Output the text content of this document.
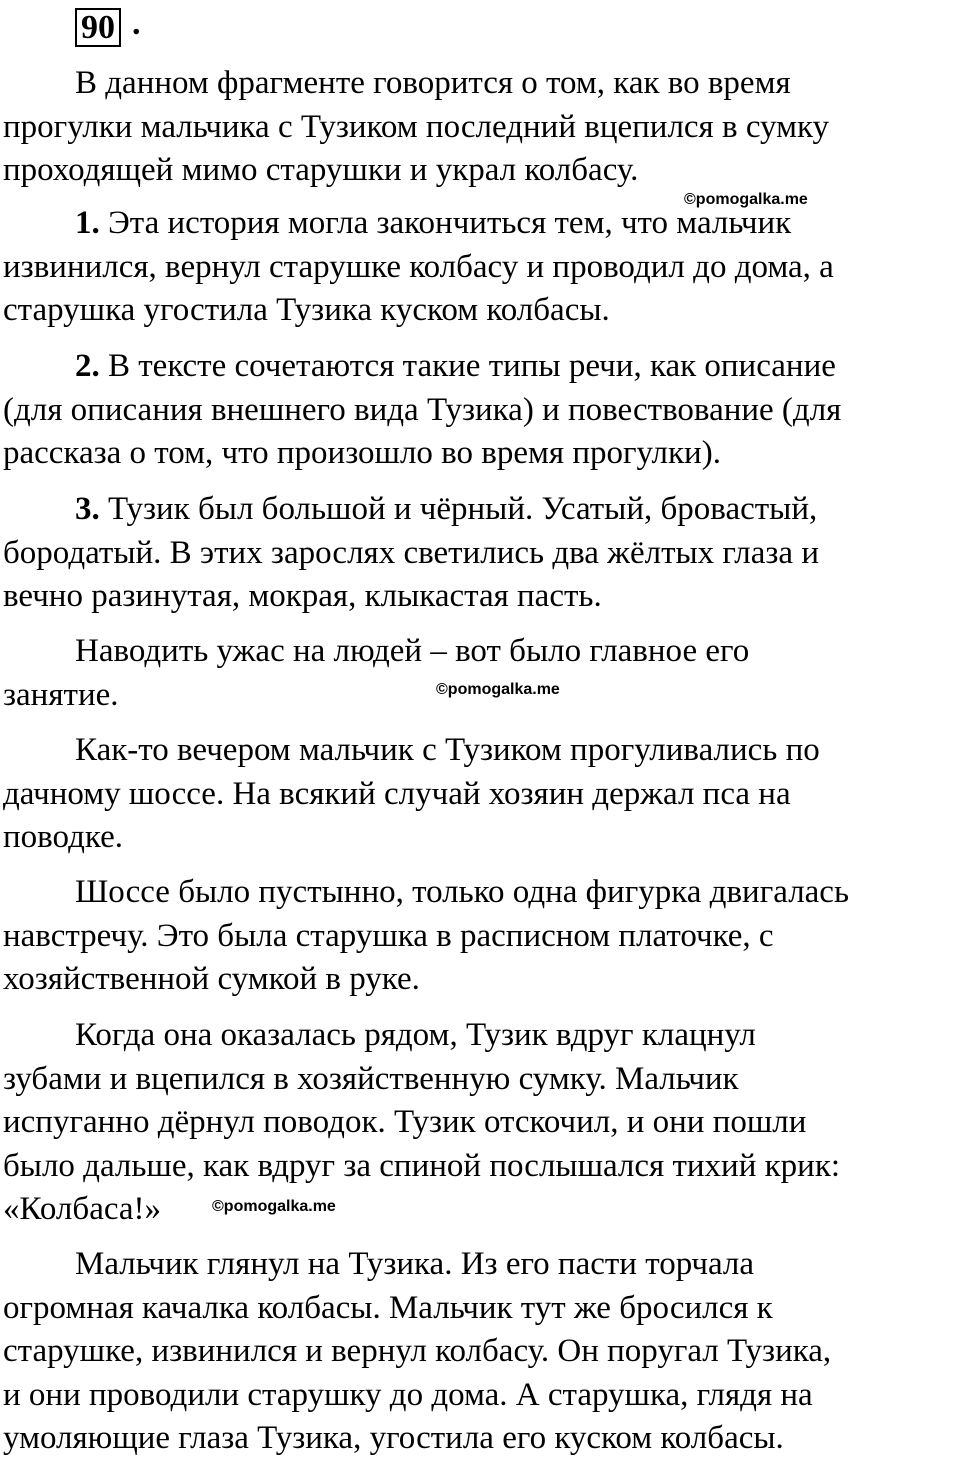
90 .

В данном фрагменте говорится о том, как во время
прогулки мальчика с Тузиком последний вцепился в сумку
проходящей мимо старушки и украл колбасу.

1. Эта история могла закончиться тем, что мальчик
извинился, вернул старушке колбасу и проводил до дома, а
старушка угостила Тузика куском колбасы.

2. В тексте сочетаются такие типы речи, как описание
(для описания внешнего вида Тузика) и повествование (для
рассказа о том, что произошло во время прогулки).

3. Тузик был большой и чёрный. Усатый, бровастый,
бородатый. В этих зарослях светились два жёлтых глаза и
вечно разинутая, мокрая, клыкастая пасть.

Наводить ужас на людей – вот было главное его
занятие.

Как-то вечером мальчик с Тузиком прогуливались по
дачному шоссе. На всякий случай хозяин держал пса на
поводке.

Шоссе было пустынно, только одна фигурка двигалась
навстречу. Это была старушка в расписном платочке, с
хозяйственной сумкой в руке.

Когда она оказалась рядом, Тузик вдруг клацнул
зубами и вцепился в хозяйственную сумку. Мальчик
испуганно дёрнул поводок. Тузик отскочил, и они пошли
было дальше, как вдруг за спиной послышался тихий крик:
«Колбаса!»

Мальчик глянул на Тузика. Из его пасти торчала
огромная качалка колбасы. Мальчик тут же бросился к
старушке, извинился и вернул колбасу. Он поругал Тузика,
и они проводили старушку до дома. А старушка, глядя на
умоляющие глаза Тузика, угостила его куском колбасы.

©pomogalka.me
©pomogalka.me
©pomogalka.me
